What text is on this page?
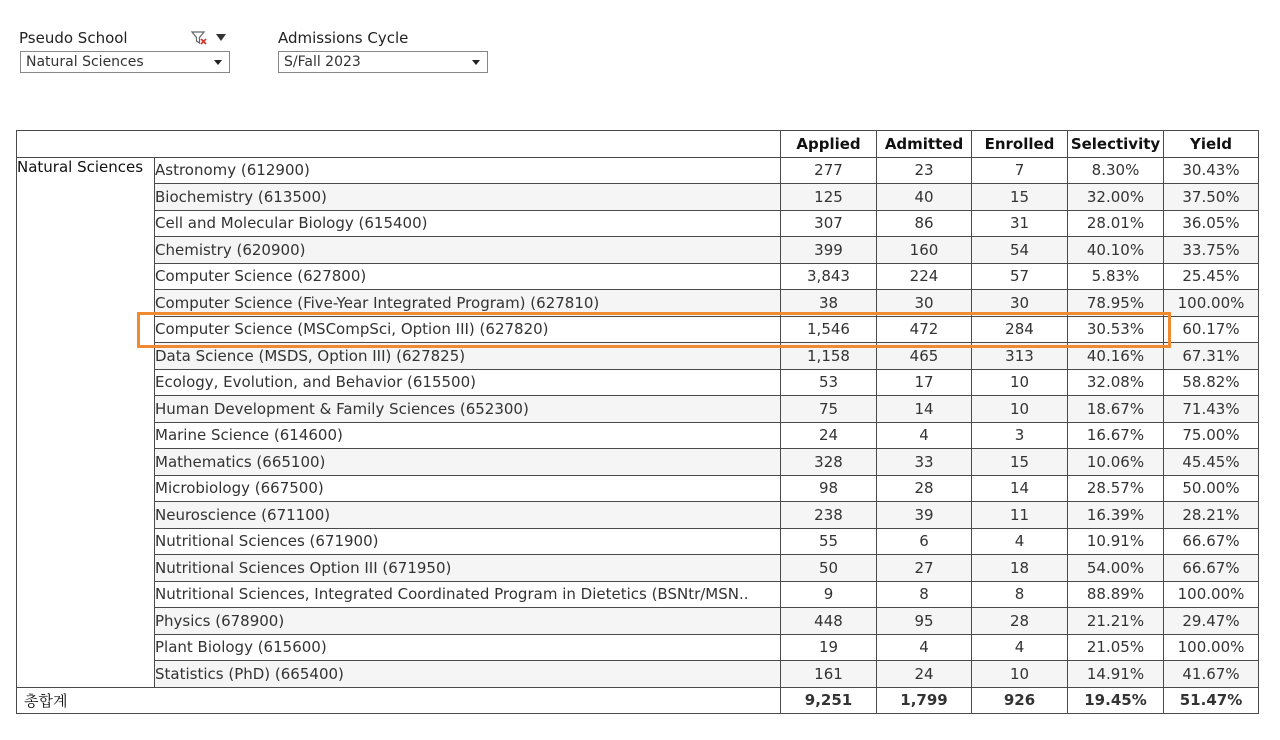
Pseudo School
Natural Sciences
Admissions Cycle
S/Fall 2023
		Applied	Admitted	Enrolled	Selectivity	Yield
Natural Sciences	Astronomy (612900)	277	23	7	8.30%	30.43%
	Biochemistry (613500)	125	40	15	32.00%	37.50%
	Cell and Molecular Biology (615400)	307	86	31	28.01%	36.05%
	Chemistry (620900)	399	160	54	40.10%	33.75%
	Computer Science (627800)	3,843	224	57	5.83%	25.45%
	Computer Science (Five-Year Integrated Program) (627810)	38	30	30	78.95%	100.00%
	Computer Science (MSCompSci, Option III) (627820)	1,546	472	284	30.53%	60.17%
	Data Science (MSDS, Option III) (627825)	1,158	465	313	40.16%	67.31%
	Ecology, Evolution, and Behavior (615500)	53	17	10	32.08%	58.82%
	Human Development & Family Sciences (652300)	75	14	10	18.67%	71.43%
	Marine Science (614600)	24	4	3	16.67%	75.00%
	Mathematics (665100)	328	33	15	10.06%	45.45%
	Microbiology (667500)	98	28	14	28.57%	50.00%
	Neuroscience (671100)	238	39	11	16.39%	28.21%
	Nutritional Sciences (671900)	55	6	4	10.91%	66.67%
	Nutritional Sciences Option III (671950)	50	27	18	54.00%	66.67%
	Nutritional Sciences, Integrated Coordinated Program in Dietetics (BSNtr/MSN..	9	8	8	88.89%	100.00%
	Physics (678900)	448	95	28	21.21%	29.47%
	Plant Biology (615600)	19	4	4	21.05%	100.00%
	Statistics (PhD) (665400)	161	24	10	14.91%	41.67%
총합계		9,251	1,799	926	19.45%	51.47%
